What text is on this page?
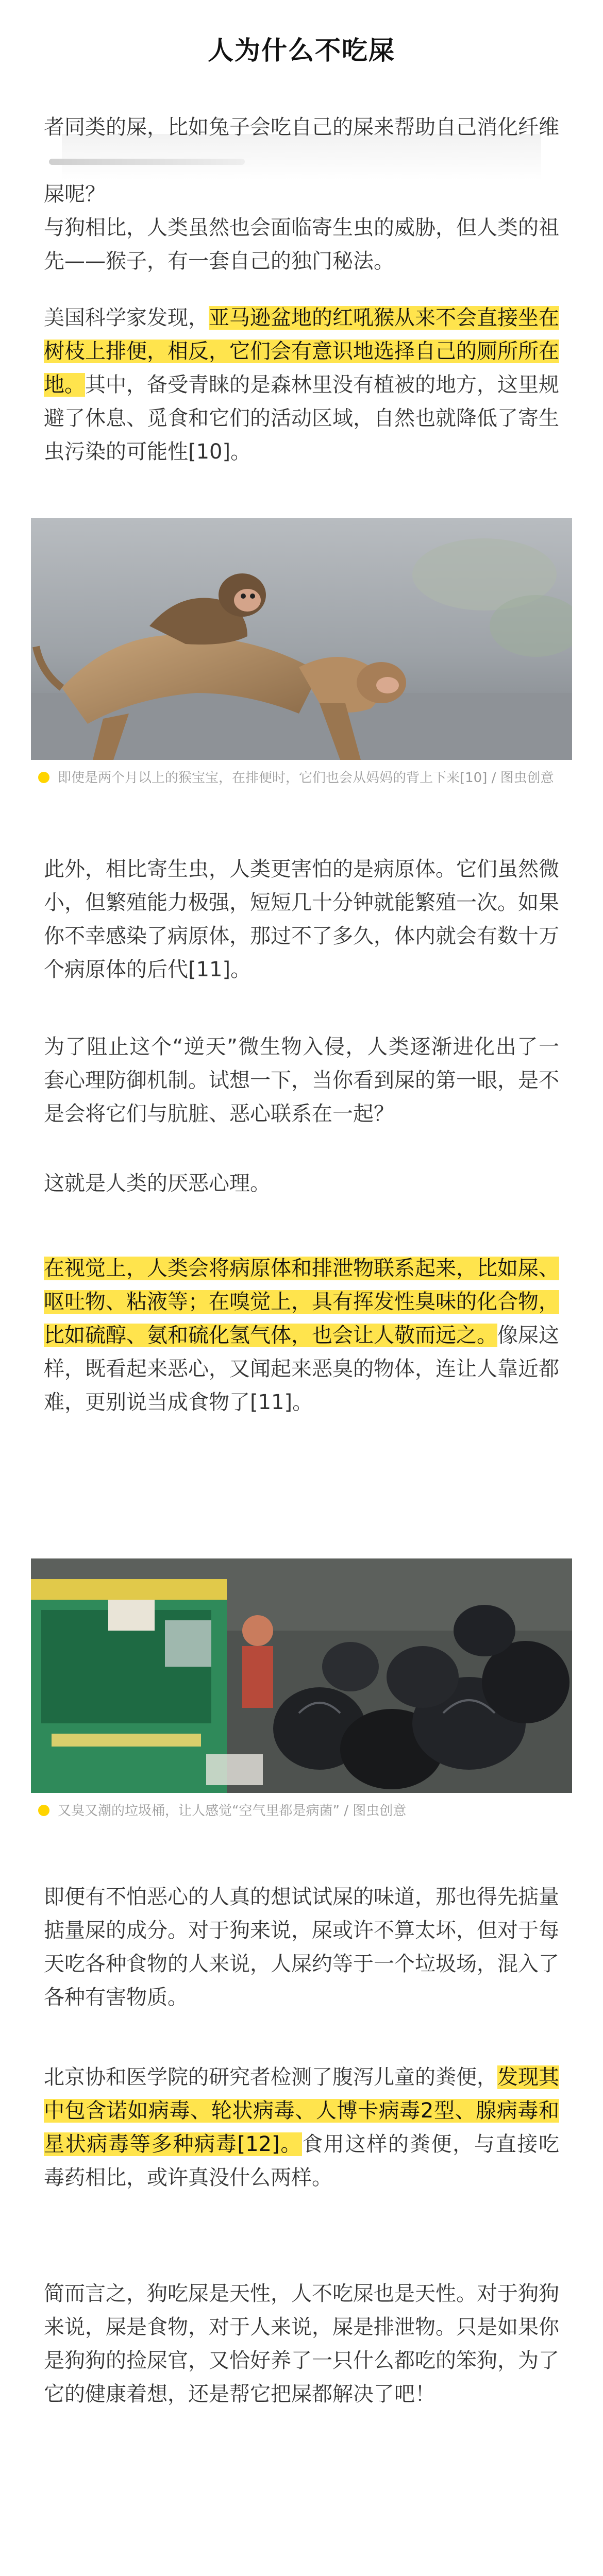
人为什么不吃屎

者同类的屎，比如兔子会吃自己的屎来帮助自己消化纤维
屎呢？

与狗相比，人类虽然也会面临寄生虫的威胁，但人类的祖先——猴子，有一套自己的独门秘法。

美国科学家发现，亚马逊盆地的红吼猴从来不会直接坐在树枝上排便，相反，它们会有意识地选择自己的厕所所在地。其中，备受青睐的是森林里没有植被的地方，这里规避了休息、觅食和它们的活动区域，自然也就降低了寄生虫污染的可能性[10]。

即使是两个月以上的猴宝宝，在排便时，它们也会从妈妈的背上下来[10] / 图虫创意

此外，相比寄生虫，人类更害怕的是病原体。它们虽然微小，但繁殖能力极强，短短几十分钟就能繁殖一次。如果你不幸感染了病原体，那过不了多久，体内就会有数十万个病原体的后代[11]。

为了阻止这个“逆天”微生物入侵，人类逐渐进化出了一套心理防御机制。试想一下，当你看到屎的第一眼，是不是会将它们与肮脏、恶心联系在一起？

这就是人类的厌恶心理。

在视觉上，人类会将病原体和排泄物联系起来，比如屎、呕吐物、粘液等；在嗅觉上，具有挥发性臭味的化合物，比如硫醇、氨和硫化氢气体，也会让人敬而远之。像屎这样，既看起来恶心，又闻起来恶臭的物体，连让人靠近都难，更别说当成食物了[11]。

又臭又潮的垃圾桶，让人感觉“空气里都是病菌” / 图虫创意

即便有不怕恶心的人真的想试试屎的味道，那也得先掂量掂量屎的成分。对于狗来说，屎或许不算太坏，但对于每天吃各种食物的人来说，人屎约等于一个垃圾场，混入了各种有害物质。

北京协和医学院的研究者检测了腹泻儿童的粪便，发现其中包含诺如病毒、轮状病毒、人博卡病毒2型、腺病毒和星状病毒等多种病毒[12]。食用这样的粪便，与直接吃毒药相比，或许真没什么两样。

简而言之，狗吃屎是天性，人不吃屎也是天性。对于狗狗来说，屎是食物，对于人来说，屎是排泄物。只是如果你是狗狗的捡屎官，又恰好养了一只什么都吃的笨狗，为了它的健康着想，还是帮它把屎都解决了吧！
